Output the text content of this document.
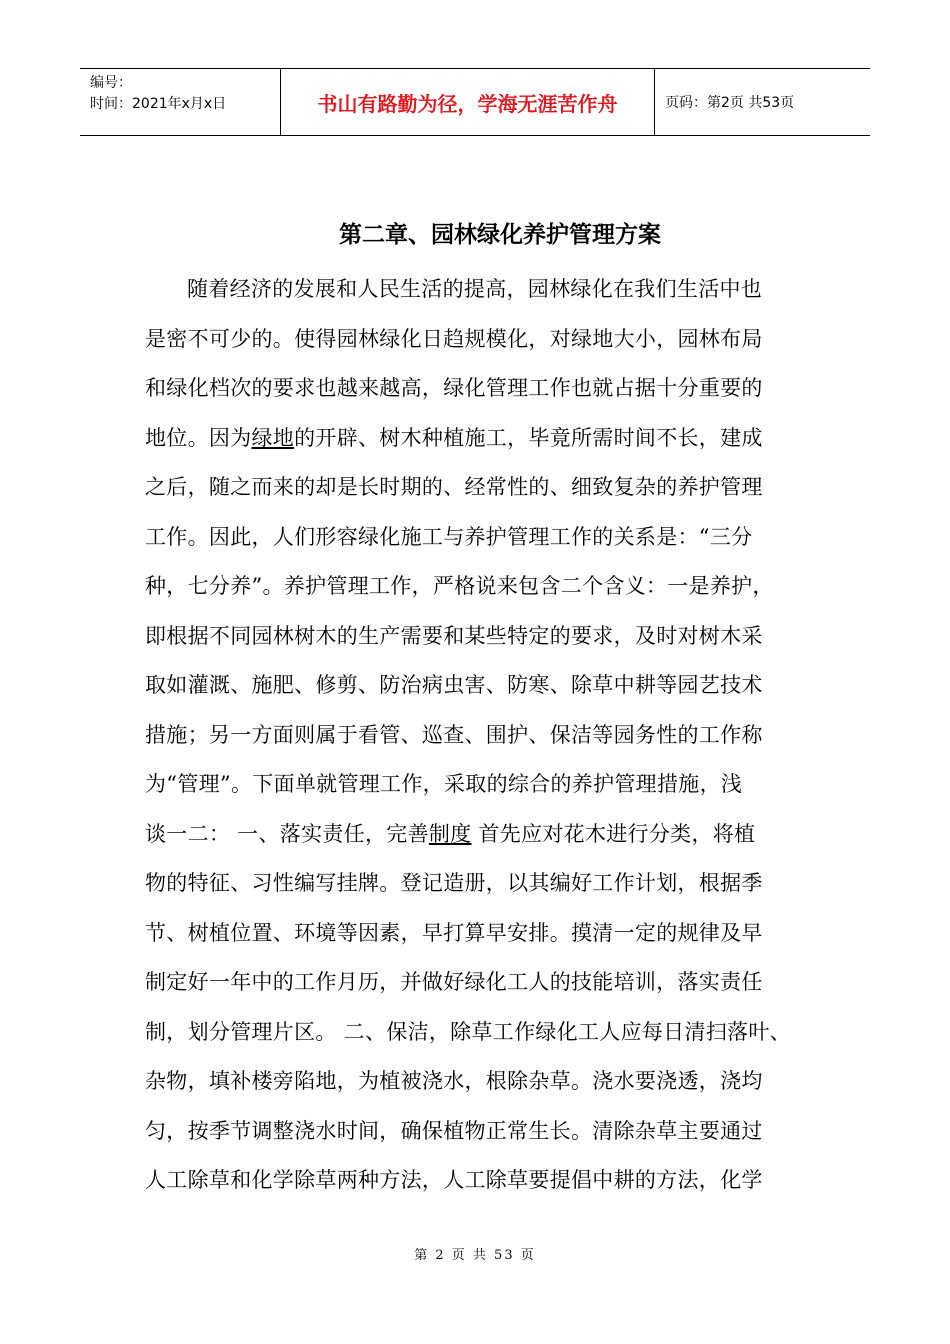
编号：
时间：2021年x月x日	书山有路勤为径，学海无涯苦作舟	页码：第2页 共53页
第二章、园林绿化养护管理方案
随着经济的发展和人民生活的提高，园林绿化在我们生活中也
是密不可少的。使得园林绿化日趋规模化，对绿地大小，园林布局
和绿化档次的要求也越来越高，绿化管理工作也就占据十分重要的
地位。因为绿地的开辟、树木种植施工，毕竟所需时间不长，建成
之后，随之而来的却是长时期的、经常性的、细致复杂的养护管理
工作。因此，人们形容绿化施工与养护管理工作的关系是：“三分
种，七分养”。养护管理工作，严格说来包含二个含义：一是养护，
即根据不同园林树木的生产需要和某些特定的要求，及时对树木采
取如灌溉、施肥、修剪、防治病虫害、防寒、除草中耕等园艺技术
措施；另一方面则属于看管、巡查、围护、保洁等园务性的工作称
为“管理”。下面单就管理工作，采取的综合的养护管理措施，浅
谈一二： 一、落实责任，完善制度 首先应对花木进行分类，将植
物的特征、习性编写挂牌。登记造册，以其编好工作计划，根据季
节、树植位置、环境等因素，早打算早安排。摸清一定的规律及早
制定好一年中的工作月历，并做好绿化工人的技能培训，落实责任
制，划分管理片区。 二、保洁，除草工作绿化工人应每日清扫落叶、
杂物，填补楼旁陷地，为植被浇水，根除杂草。浇水要浇透，浇均
匀，按季节调整浇水时间，确保植物正常生长。清除杂草主要通过
人工除草和化学除草两种方法，人工除草要提倡中耕的方法，化学
第 2 页 共 53 页
